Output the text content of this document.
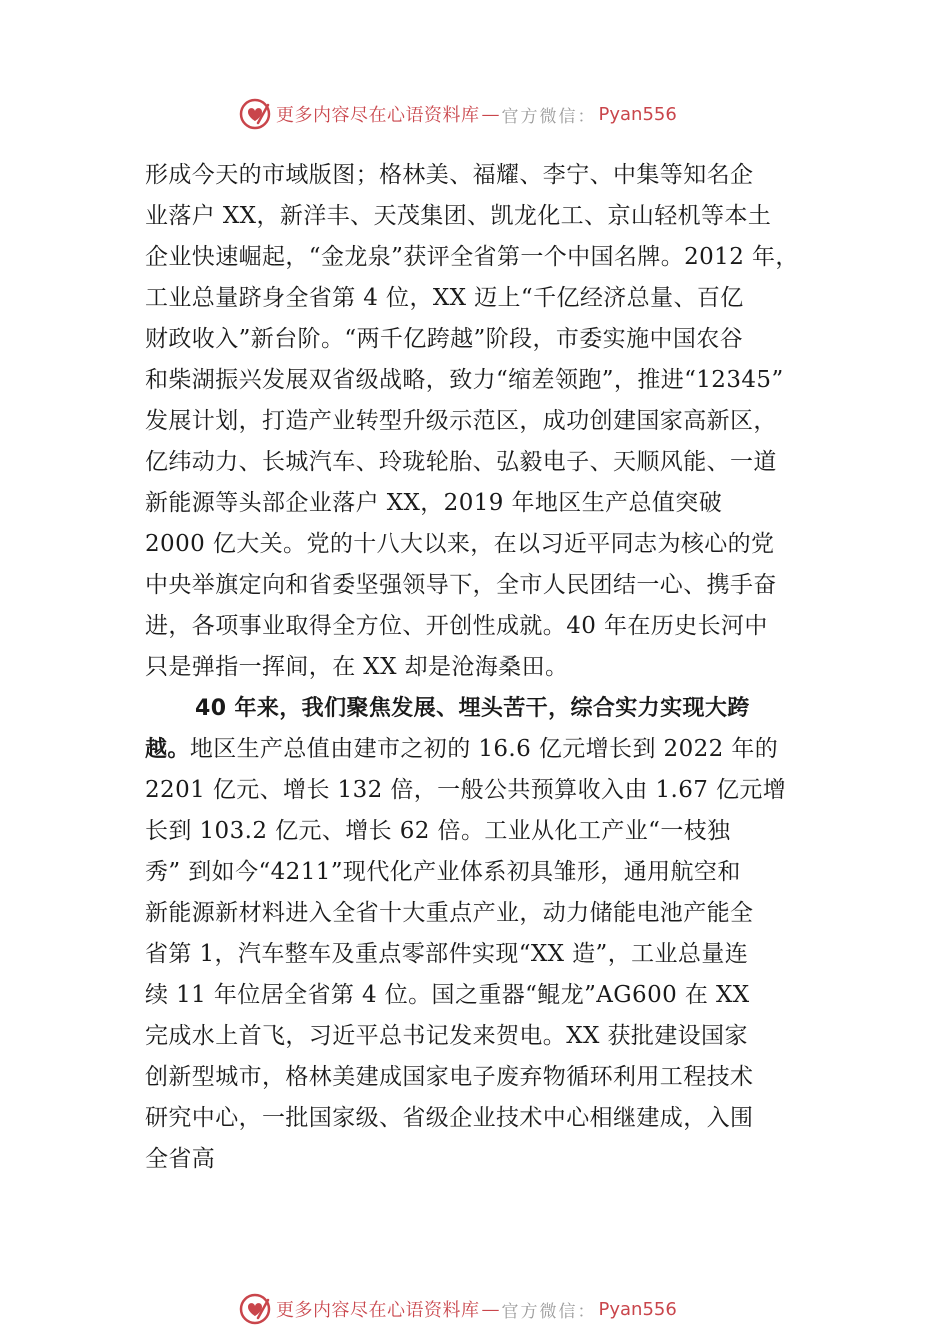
更多内容尽在心语资料库 — 官方微信： Pyan556
形成今天的市域版图；格林美、福耀、李宁、中集等知名企
业落户 XX，新洋丰、天茂集团、凯龙化工、京山轻机等本土
企业快速崛起，“金龙泉”获评全省第一个中国名牌。2012 年，
工业总量跻身全省第 4 位，XX 迈上“千亿经济总量、百亿
财政收入”新台阶。“两千亿跨越”阶段，市委实施中国农谷
和柴湖振兴发展双省级战略，致力“缩差领跑”，推进“12345”
发展计划，打造产业转型升级示范区，成功创建国家高新区，
亿纬动力、长城汽车、玲珑轮胎、弘毅电子、天顺风能、一道
新能源等头部企业落户 XX，2019 年地区生产总值突破
2000 亿大关。党的十八大以来，在以习近平同志为核心的党
中央举旗定向和省委坚强领导下，全市人民团结一心、携手奋
进，各项事业取得全方位、开创性成就。40 年在历史长河中
只是弹指一挥间，在 XX 却是沧海桑田。
40 年来，我们聚焦发展、埋头苦干，综合实力实现大跨
越。地区生产总值由建市之初的 16.6 亿元增长到 2022 年的
2201 亿元、增长 132 倍，一般公共预算收入由 1.67 亿元增
长到 103.2 亿元、增长 62 倍。工业从化工产业“一枝独
秀” 到如今“4211”现代化产业体系初具雏形，通用航空和
新能源新材料进入全省十大重点产业，动力储能电池产能全
省第 1，汽车整车及重点零部件实现“XX 造”，工业总量连
续 11 年位居全省第 4 位。国之重器“鲲龙”AG600 在 XX
完成水上首飞，习近平总书记发来贺电。XX 获批建设国家
创新型城市，格林美建成国家电子废弃物循环利用工程技术
研究中心，一批国家级、省级企业技术中心相继建成，入围
全省高
更多内容尽在心语资料库 — 官方微信： Pyan556
